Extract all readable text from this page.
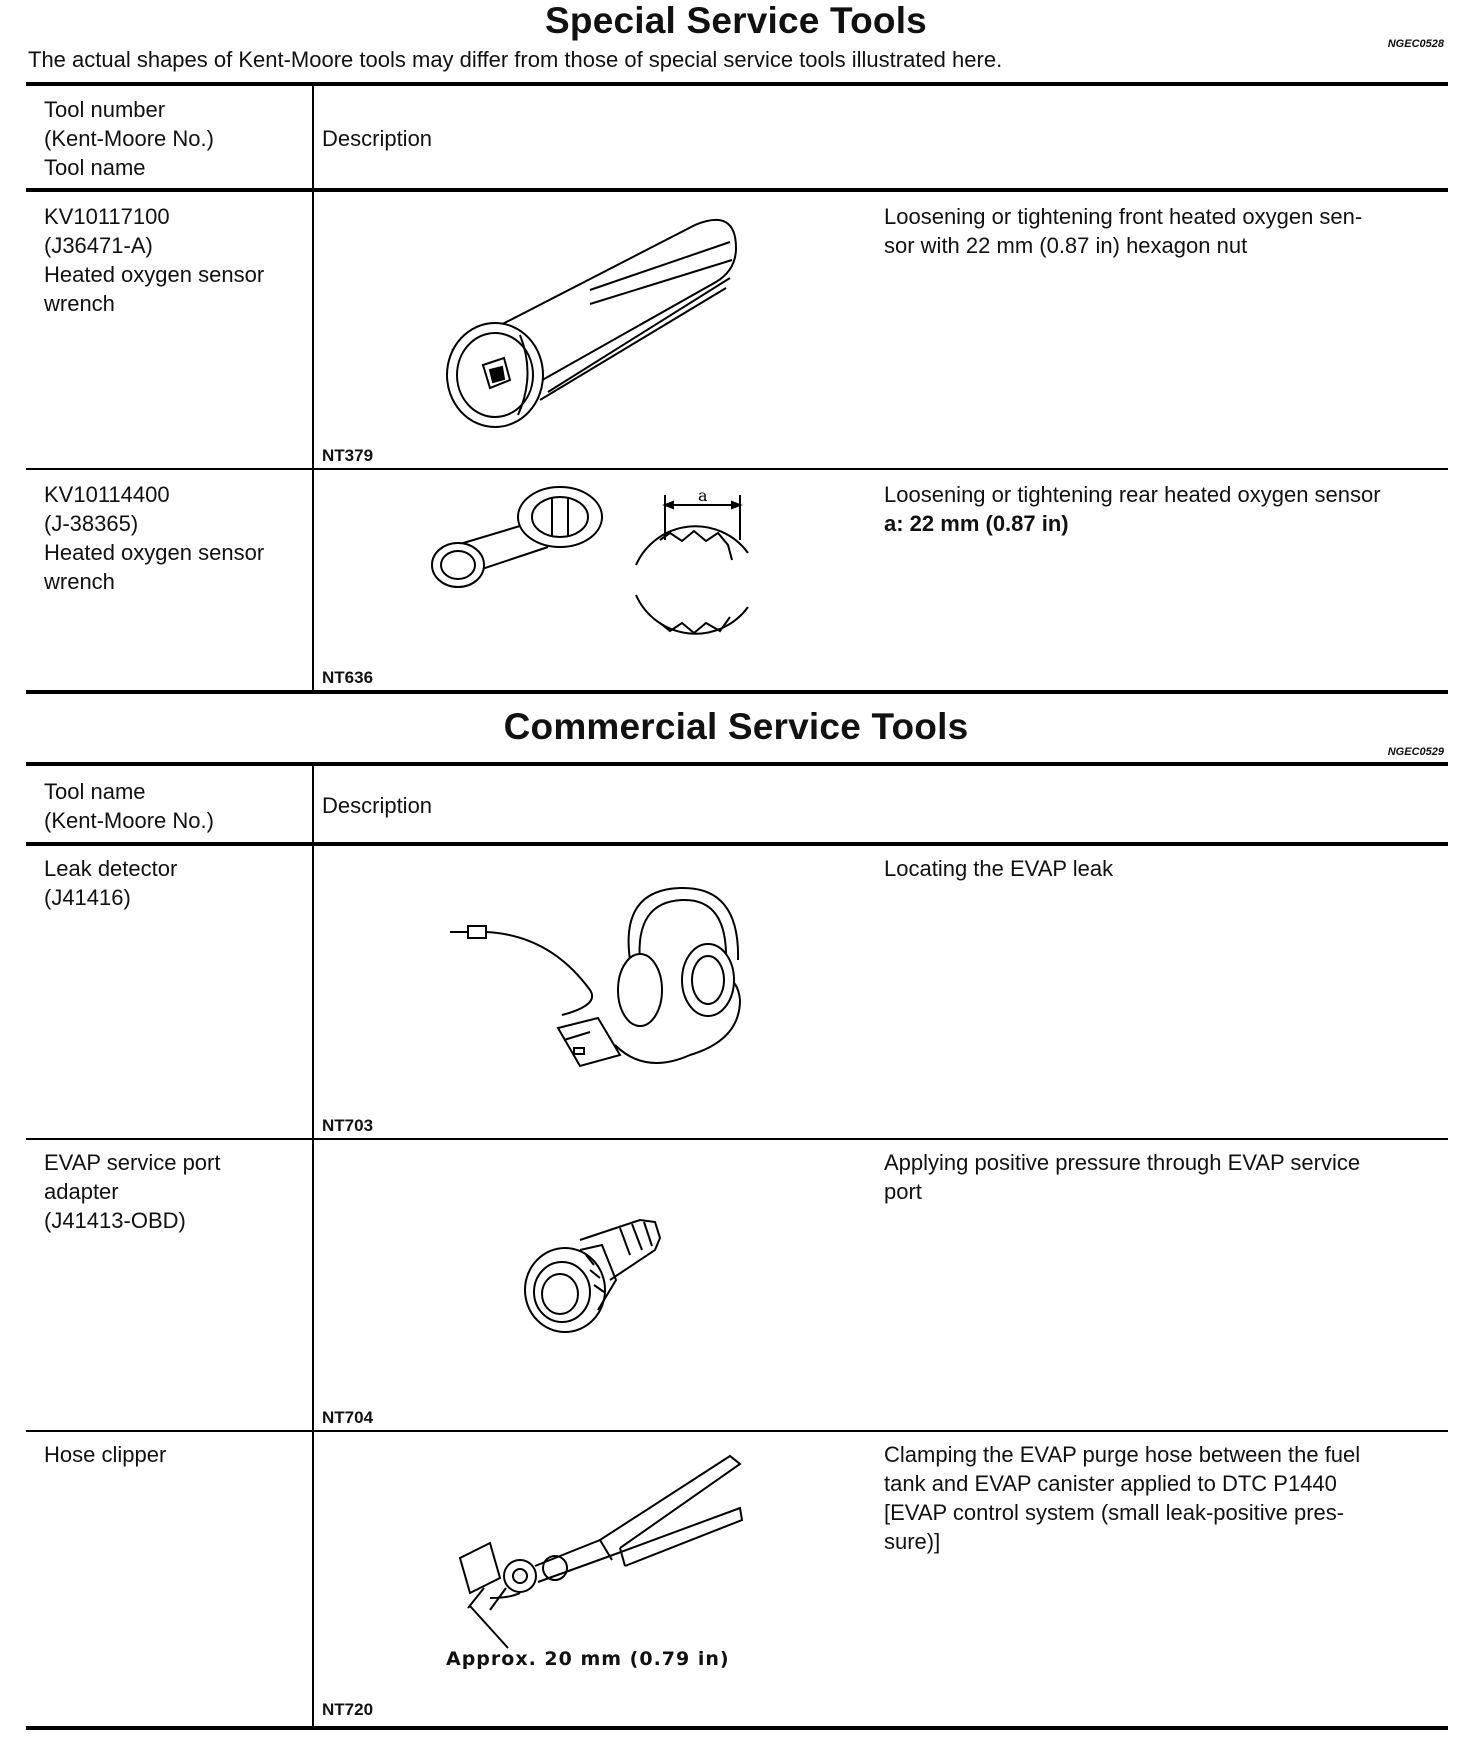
Special Service Tools
NGEC0528
The actual shapes of Kent-Moore tools may differ from those of special service tools illustrated here.
Tool number
(Kent-Moore No.)
Tool name
Description
KV10117100
(J36471-A)
Heated oxygen sensor
wrench
NT379
Loosening or tightening front heated oxygen sen-
sor with 22 mm (0.87 in) hexagon nut
KV10114400
(J-38365)
Heated oxygen sensor
wrench
a
NT636
Loosening or tightening rear heated oxygen sensor
a: 22 mm (0.87 in)
Commercial Service Tools
NGEC0529
Tool name
(Kent-Moore No.)
Description
Leak detector
(J41416)
NT703
Locating the EVAP leak
EVAP service port
adapter
(J41413-OBD)
NT704
Applying positive pressure through EVAP service
port
Hose clipper
Approx. 20 mm (0.79 in)
NT720
Clamping the EVAP purge hose between the fuel
tank and EVAP canister applied to DTC P1440
[EVAP control system (small leak-positive pres-
sure)]
